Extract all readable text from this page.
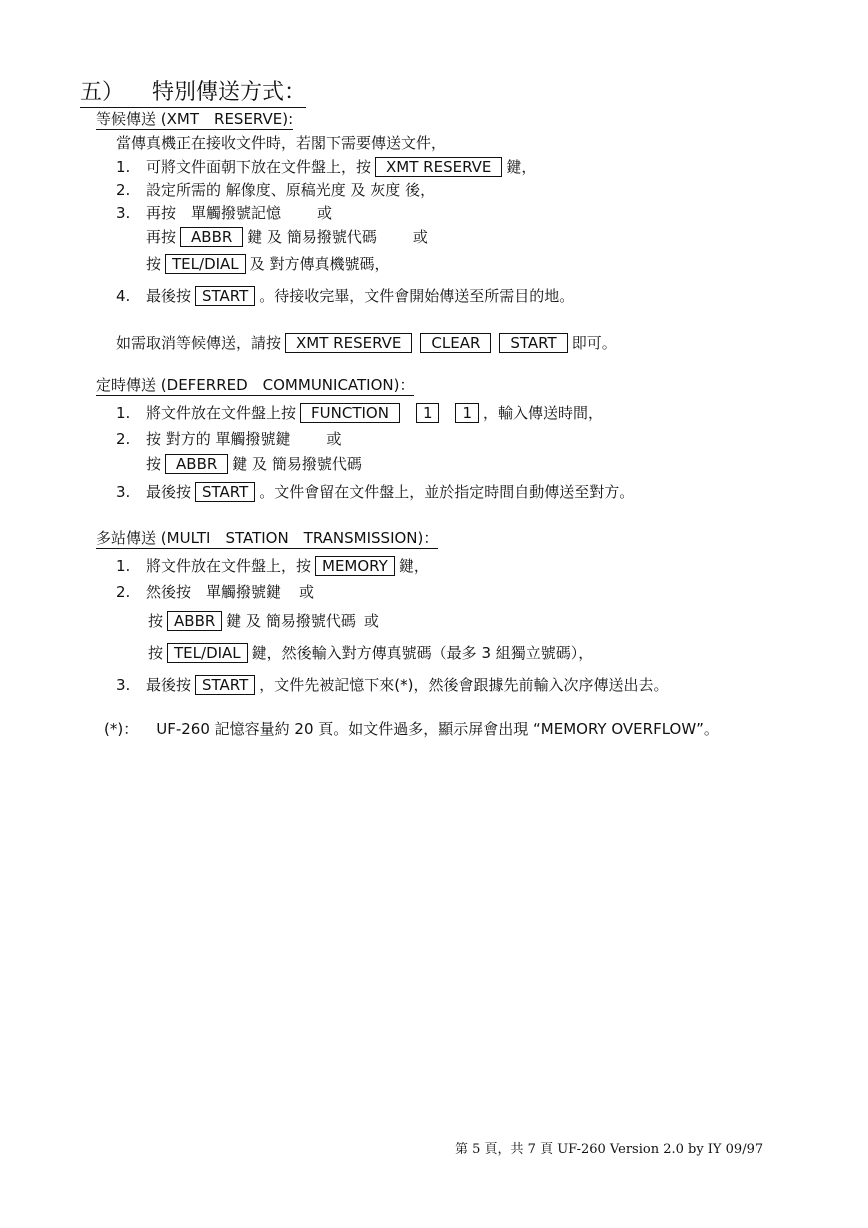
五） 特別傳送方式：
等候傳送 (XMT　RESERVE):
當傳真機正在接收文件時，若閣下需要傳送文件，
1. 可將文件面朝下放在文件盤上，按 XMT RESERVE 鍵，
2. 設定所需的 解像度、原稿光度 及 灰度 後，
3. 再按　單觸撥號記憶 或
再按 ABBR 鍵 及 簡易撥號代碼 或
按 TEL/DIAL 及 對方傳真機號碼，
4. 最後按 START 。待接收完畢，文件會開始傳送至所需目的地。
如需取消等候傳送，請按 XMT RESERVE CLEAR START 即可。
定時傳送 (DEFERRED　COMMUNICATION)：
1. 將文件放在文件盤上按 FUNCTION 1 1 ，輸入傳送時間，
2. 按 對方的 單觸撥號鍵 或
按 ABBR 鍵 及 簡易撥號代碼
3. 最後按 START 。文件會留在文件盤上，並於指定時間自動傳送至對方。
多站傳送 (MULTI　STATION　TRANSMISSION)：
1. 將文件放在文件盤上，按 MEMORY 鍵，
2. 然後按　單觸撥號鍵 或
按 ABBR 鍵 及 簡易撥號代碼 或
按 TEL/DIAL 鍵，然後輸入對方傳真號碼（最多 3 組獨立號碼），
3. 最後按 START ，文件先被記憶下來(*)，然後會跟據先前輸入次序傳送出去。
(*)： UF-260 記憶容量約 20 頁。如文件過多，顯示屏會出現 “MEMORY OVERFLOW”。
第 5 頁，共 7 頁 UF-260 Version 2.0 by IY 09/97
